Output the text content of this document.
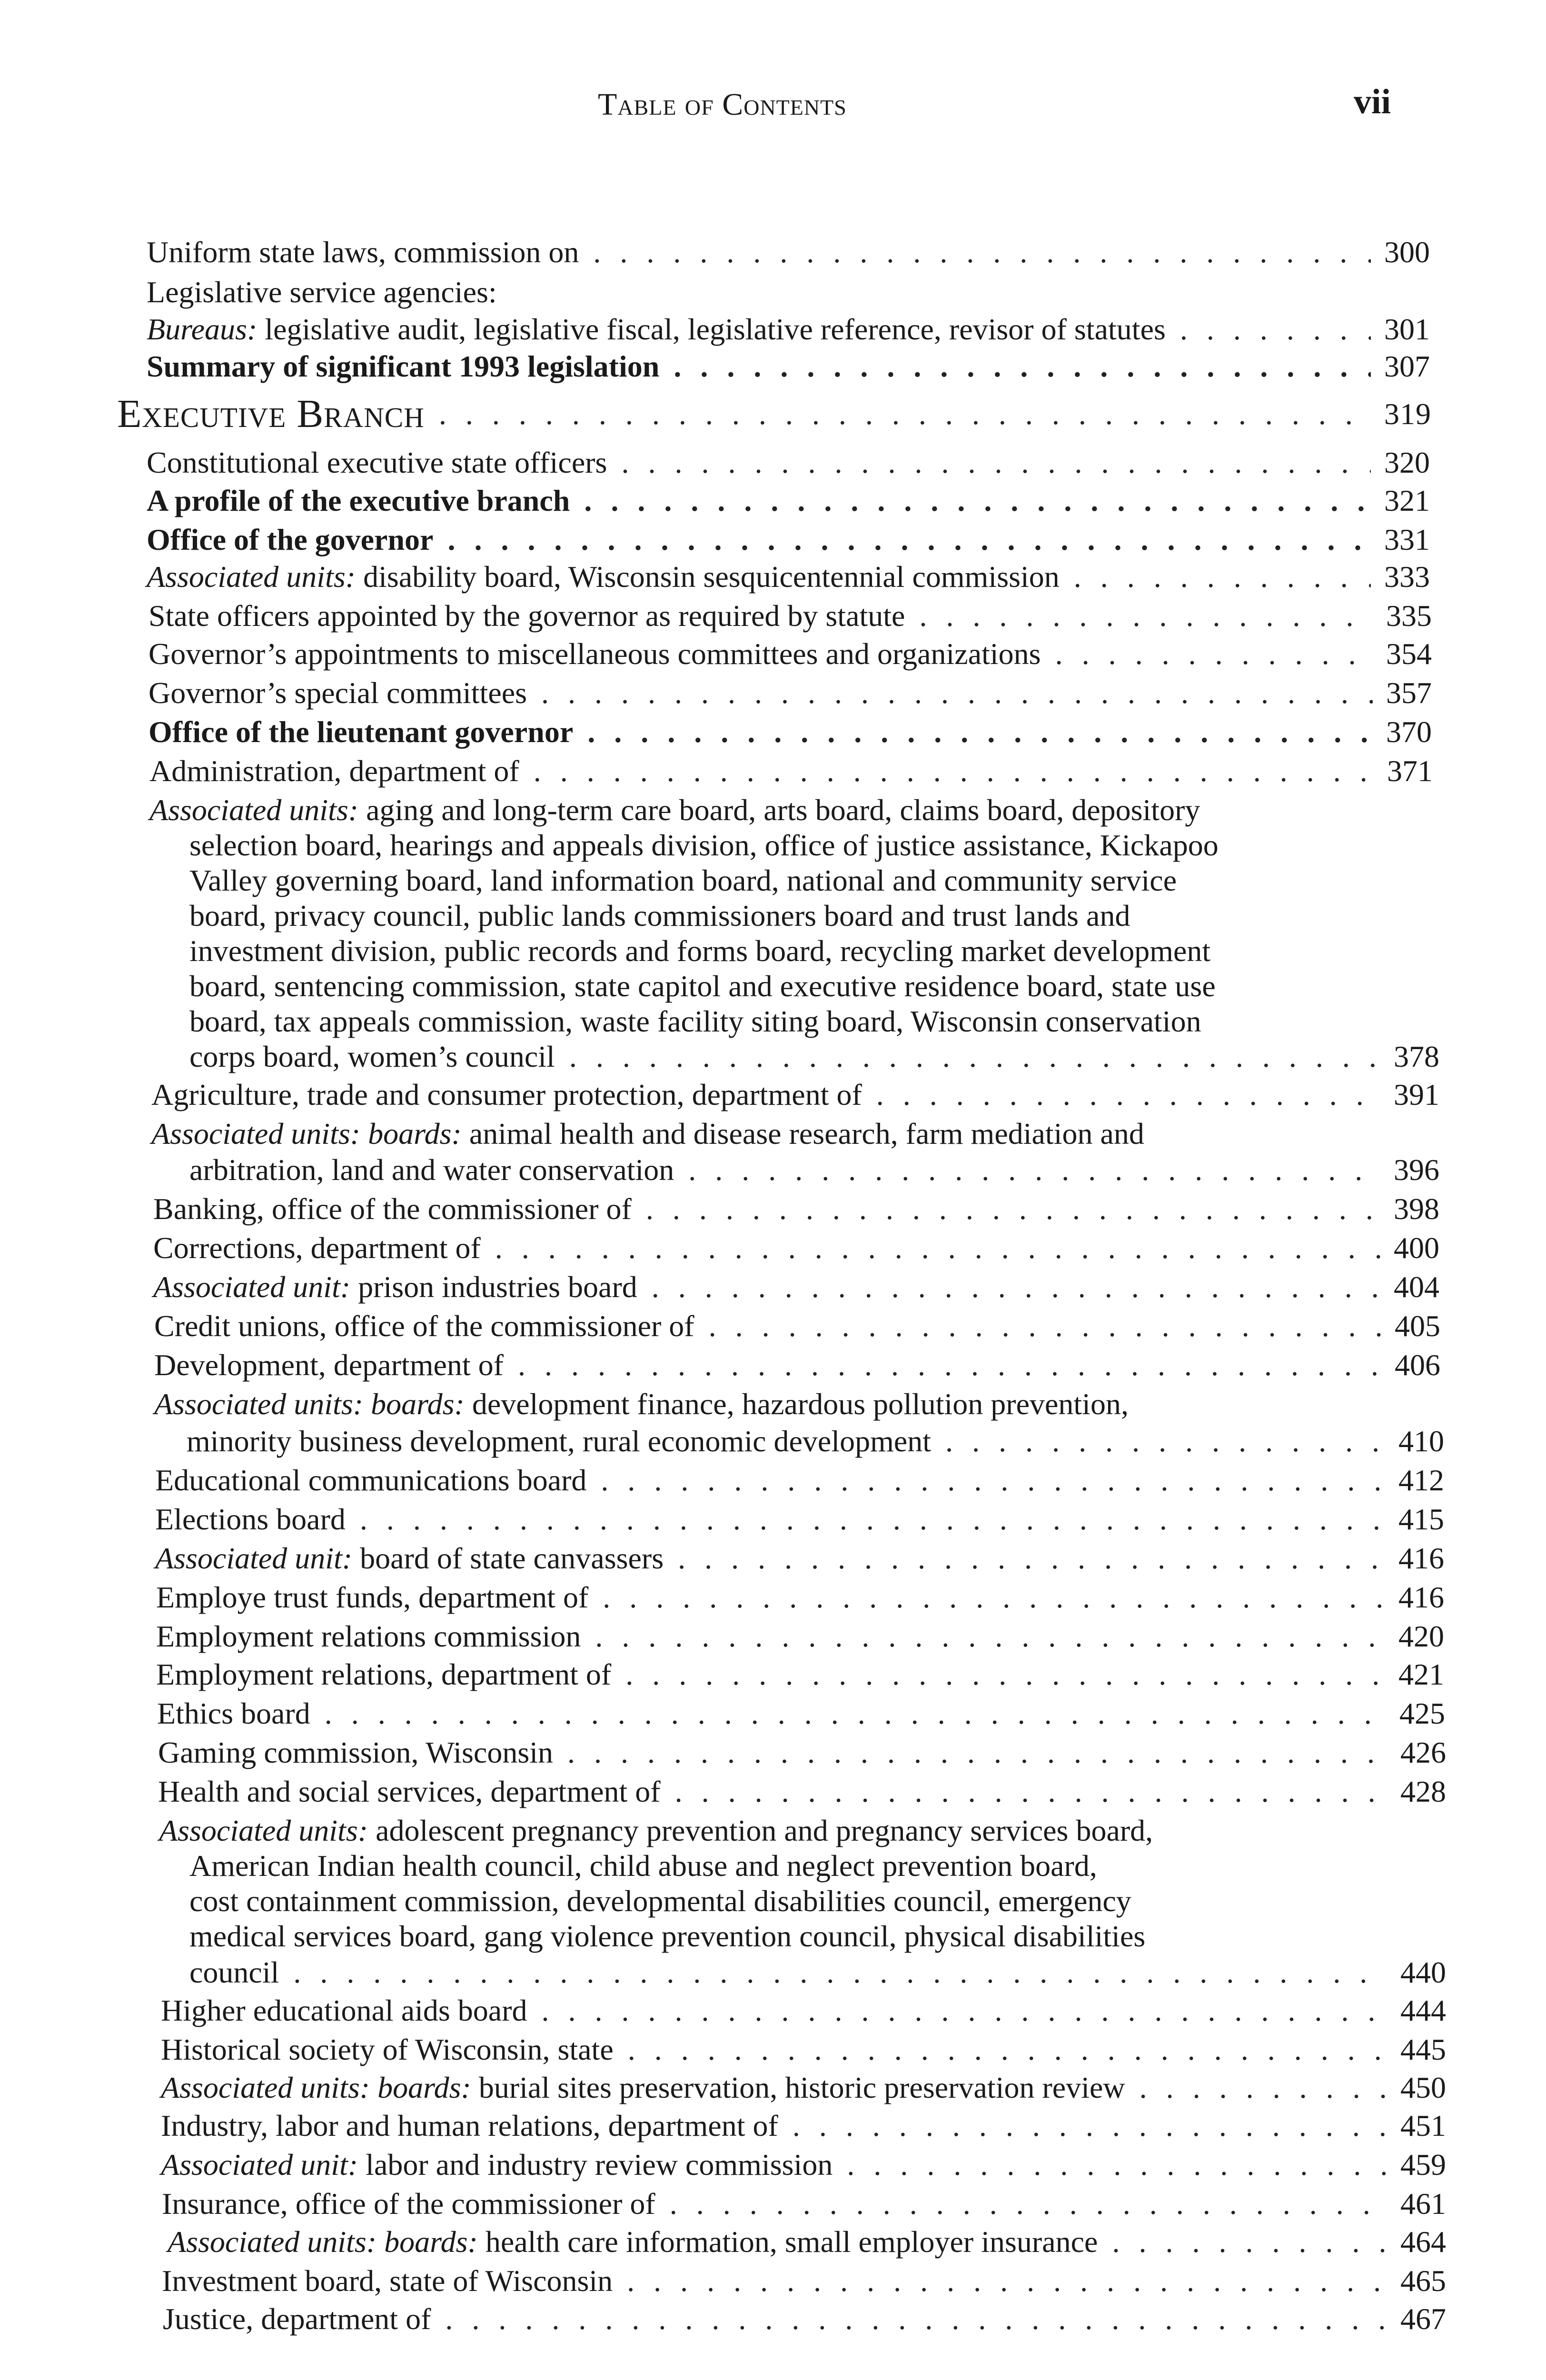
Table of Contents	vii
Uniform state laws, commission on . . .	300
Legislative service agencies:
Bureaus: legislative audit, legislative fiscal, legislative reference, revisor of statutes . . .	301
Summary of significant 1993 legislation . . .	307
Executive Branch . . .	319
Constitutional executive state officers . . .	320
A profile of the executive branch . . .	321
Office of the governor . . .	331
Associated units: disability board, Wisconsin sesquicentennial commission . . .	333
State officers appointed by the governor as required by statute . . .	335
Governor’s appointments to miscellaneous committees and organizations . . .	354
Governor’s special committees . . .	357
Office of the lieutenant governor . . .	370
Administration, department of . . .	371
Associated units: aging and long-term care board, arts board, claims board, depository
selection board, hearings and appeals division, office of justice assistance, Kickapoo
Valley governing board, land information board, national and community service
board, privacy council, public lands commissioners board and trust lands and
investment division, public records and forms board, recycling market development
board, sentencing commission, state capitol and executive residence board, state use
board, tax appeals commission, waste facility siting board, Wisconsin conservation
corps board, women’s council . . .	378
Agriculture, trade and consumer protection, department of . . .	391
Associated units: boards: animal health and disease research, farm mediation and
arbitration, land and water conservation . . .	396
Banking, office of the commissioner of . . .	398
Corrections, department of . . .	400
Associated unit: prison industries board . . .	404
Credit unions, office of the commissioner of . . .	405
Development, department of . . .	406
Associated units: boards: development finance, hazardous pollution prevention,
minority business development, rural economic development . . .	410
Educational communications board . . .	412
Elections board . . .	415
Associated unit: board of state canvassers . . .	416
Employe trust funds, department of . . .	416
Employment relations commission . . .	420
Employment relations, department of . . .	421
Ethics board . . .	425
Gaming commission, Wisconsin . . .	426
Health and social services, department of . . .	428
Associated units: adolescent pregnancy prevention and pregnancy services board,
American Indian health council, child abuse and neglect prevention board,
cost containment commission, developmental disabilities council, emergency
medical services board, gang violence prevention council, physical disabilities
council . . .	440
Higher educational aids board . . .	444
Historical society of Wisconsin, state . . .	445
Associated units: boards: burial sites preservation, historic preservation review . . .	450
Industry, labor and human relations, department of . . .	451
Associated unit: labor and industry review commission . . .	459
Insurance, office of the commissioner of . . .	461
Associated units: boards: health care information, small employer insurance . . .	464
Investment board, state of Wisconsin . . .	465
Justice, department of . . .	467
